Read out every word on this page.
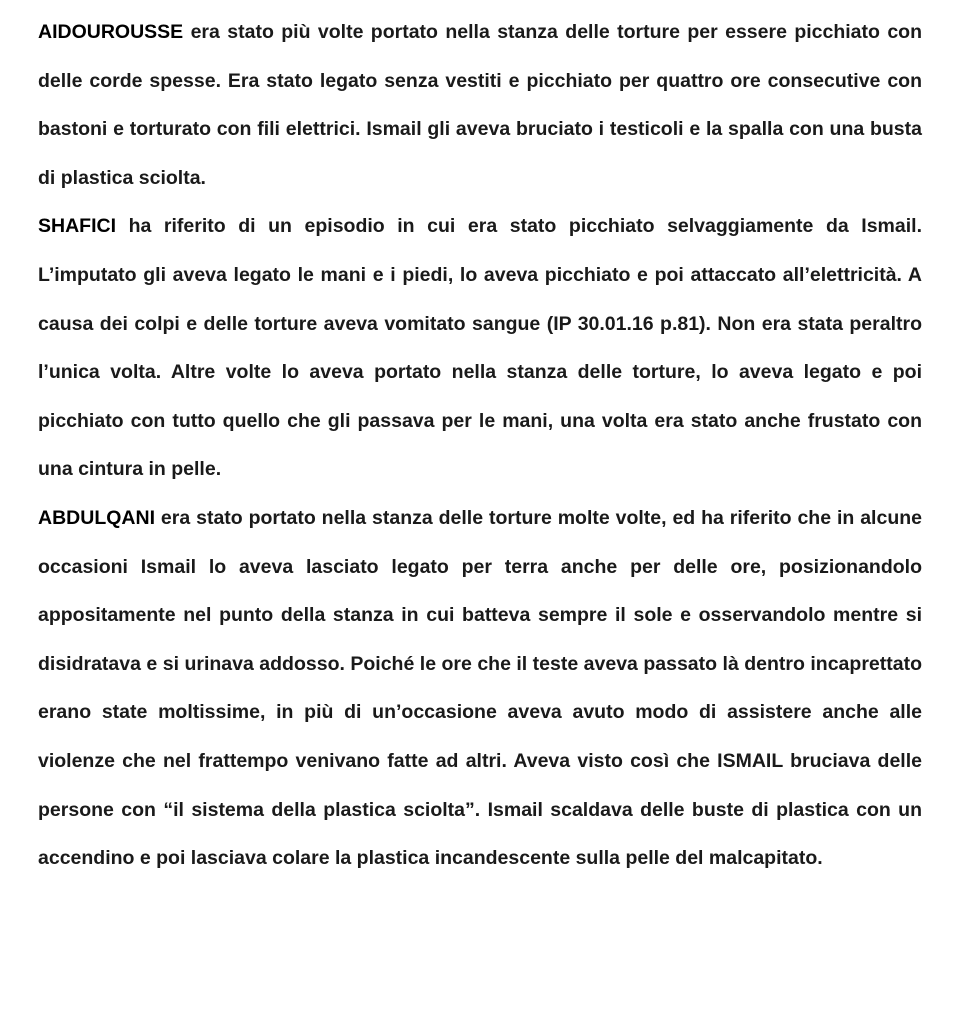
AIDOUROUSSE era stato più volte portato nella stanza delle torture per essere picchiato con delle corde spesse. Era stato legato senza vestiti e picchiato per quattro ore consecutive con bastoni e torturato con fili elettrici. Ismail gli aveva bruciato i testicoli e la spalla con una busta di plastica sciolta.

SHAFICI ha riferito di un episodio in cui era stato picchiato selvaggiamente da Ismail. L’imputato gli aveva legato le mani e i piedi, lo aveva picchiato e poi attaccato all’elettricità. A causa dei colpi e delle torture aveva vomitato sangue (IP 30.01.16 p.81). Non era stata peraltro l’unica volta. Altre volte lo aveva portato nella stanza delle torture, lo aveva legato e poi picchiato con tutto quello che gli passava per le mani, una volta era stato anche frustato con una cintura in pelle.

ABDULQANI era stato portato nella stanza delle torture molte volte, ed ha riferito che in alcune occasioni Ismail lo aveva lasciato legato per terra anche per delle ore, posizionandolo appositamente nel punto della stanza in cui batteva sempre il sole e osservandolo mentre si disidratava e si urinava addosso. Poiché le ore che il teste aveva passato là dentro incaprettato erano state moltissime, in più di un’occasione aveva avuto modo di assistere anche alle violenze che nel frattempo venivano fatte ad altri. Aveva visto così che ISMAIL bruciava delle persone con “il sistema della plastica sciolta”. Ismail scaldava delle buste di plastica con un accendino e poi lasciava colare la plastica incandescente sulla pelle del malcapitato.
